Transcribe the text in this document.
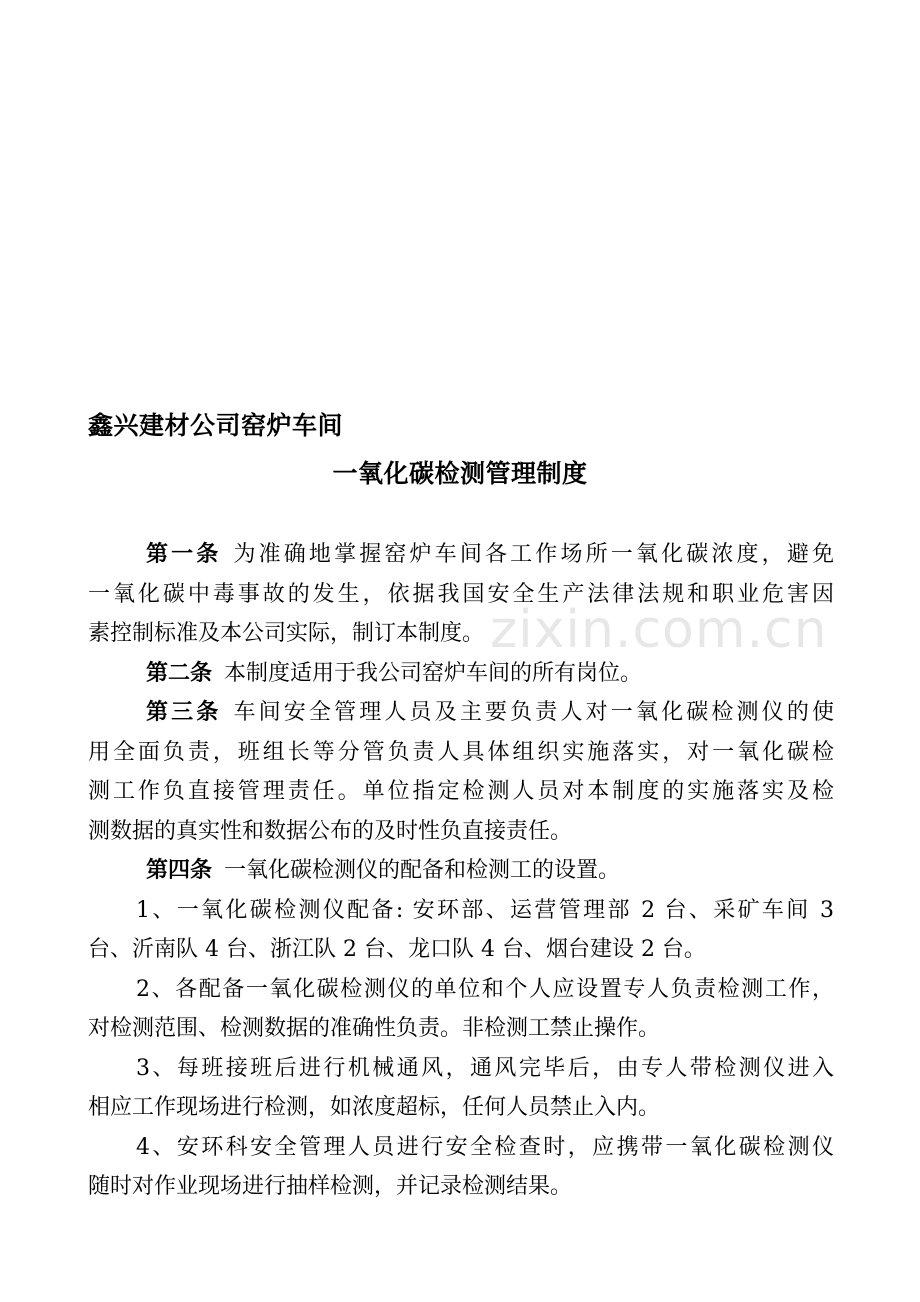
鑫兴建材公司窑炉车间
一氧化碳检测管理制度
第一条 为准确地掌握窑炉车间各工作场所一氧化碳浓度，避免
一氧化碳中毒事故的发生，依据我国安全生产法律法规和职业危害因
素控制标准及本公司实际，制订本制度。
第二条 本制度适用于我公司窑炉车间的所有岗位。
第三条 车间安全管理人员及主要负责人对一氧化碳检测仪的使
用全面负责，班组长等分管负责人具体组织实施落实，对一氧化碳检
测工作负直接管理责任。单位指定检测人员对本制度的实施落实及检
测数据的真实性和数据公布的及时性负直接责任。
第四条 一氧化碳检测仪的配备和检测工的设置。
1、一氧化碳检测仪配备: 安环部、运营管理部 2 台、采矿车间 3
台、沂南队 4 台、浙江队 2 台、龙口队 4 台、烟台建设 2 台。
2、各配备一氧化碳检测仪的单位和个人应设置专人负责检测工作，
对检测范围、检测数据的准确性负责。非检测工禁止操作。
3、每班接班后进行机械通风，通风完毕后，由专人带检测仪进入
相应工作现场进行检测，如浓度超标，任何人员禁止入内。
4、安环科安全管理人员进行安全检查时，应携带一氧化碳检测仪
随时对作业现场进行抽样检测，并记录检测结果。
zixin.com.cn
